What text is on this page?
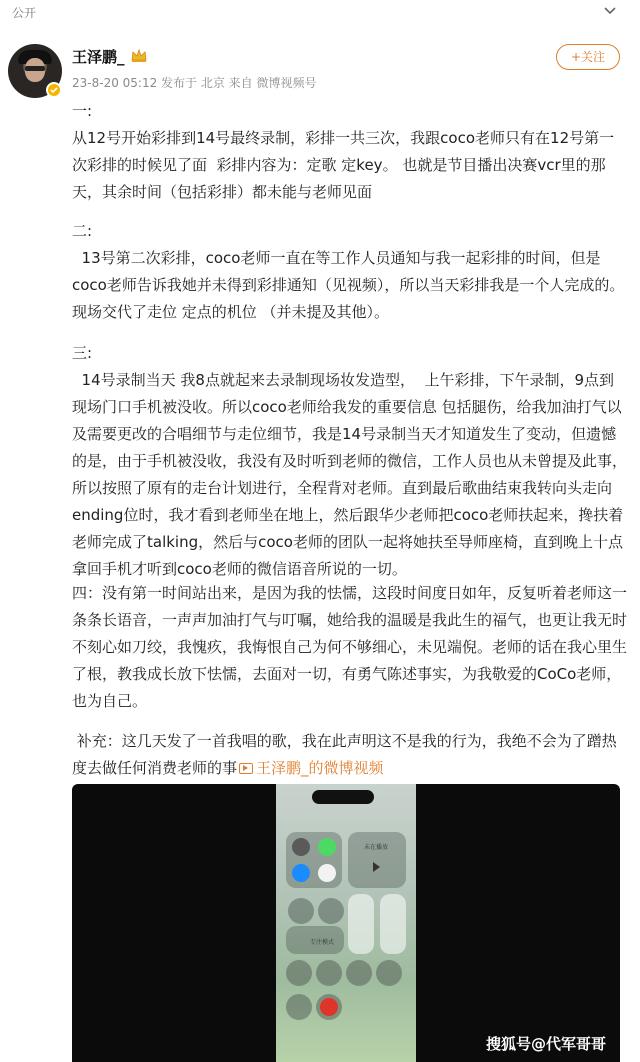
公开
王泽鹏_
23-8-20 05:12 发布于 北京 来自 微博视频号
+关注
一:
从12号开始彩排到14号最终录制，彩排一共三次，我跟coco老师只有在12号第一次彩排的时候见了面  彩排内容为：定歌 定key。 也就是节目播出决赛vcr里的那天，其余时间（包括彩排）都未能与老师见面
二:
13号第二次彩排，coco老师一直在等工作人员通知与我一起彩排的时间，但是coco老师告诉我她并未得到彩排通知（见视频），所以当天彩排我是一个人完成的。 现场交代了走位 定点的机位 （并未提及其他）。
三:
14号录制当天 我8点就起来去录制现场妆发造型，  上午彩排，下午录制，9点到现场门口手机被没收。所以coco老师给我发的重要信息 包括腿伤，给我加油打气以及需要更改的合唱细节与走位细节，我是14号录制当天才知道发生了变动，但遗憾的是，由于手机被没收，我没有及时听到老师的微信，工作人员也从未曾提及此事，所以按照了原有的走台计划进行，全程背对老师。直到最后歌曲结束我转向头走向ending位时，我才看到老师坐在地上，然后跟华少老师把coco老师扶起来，搀扶着老师完成了talking，然后与coco老师的团队一起将她扶至导师座椅，直到晚上十点拿回手机才听到coco老师的微信语音所说的一切。
四：没有第一时间站出来，是因为我的怯懦，这段时间度日如年，反复听着老师这一条条长语音，一声声加油打气与叮嘱，她给我的温暖是我此生的福气，也更让我无时不刻心如刀绞，我愧疚，我悔恨自己为何不够细心，未见端倪。老师的话在我心里生了根，教我成长放下怯懦，去面对一切，有勇气陈述事实，为我敬爱的CoCo老师，也为自己。
补充：这几天发了一首我唱的歌，我在此声明这不是我的行为，我绝不会为了蹭热度去做任何消费老师的事 王泽鹏_的微博视频
未在播放
专注模式
搜狐号@代军哥哥
